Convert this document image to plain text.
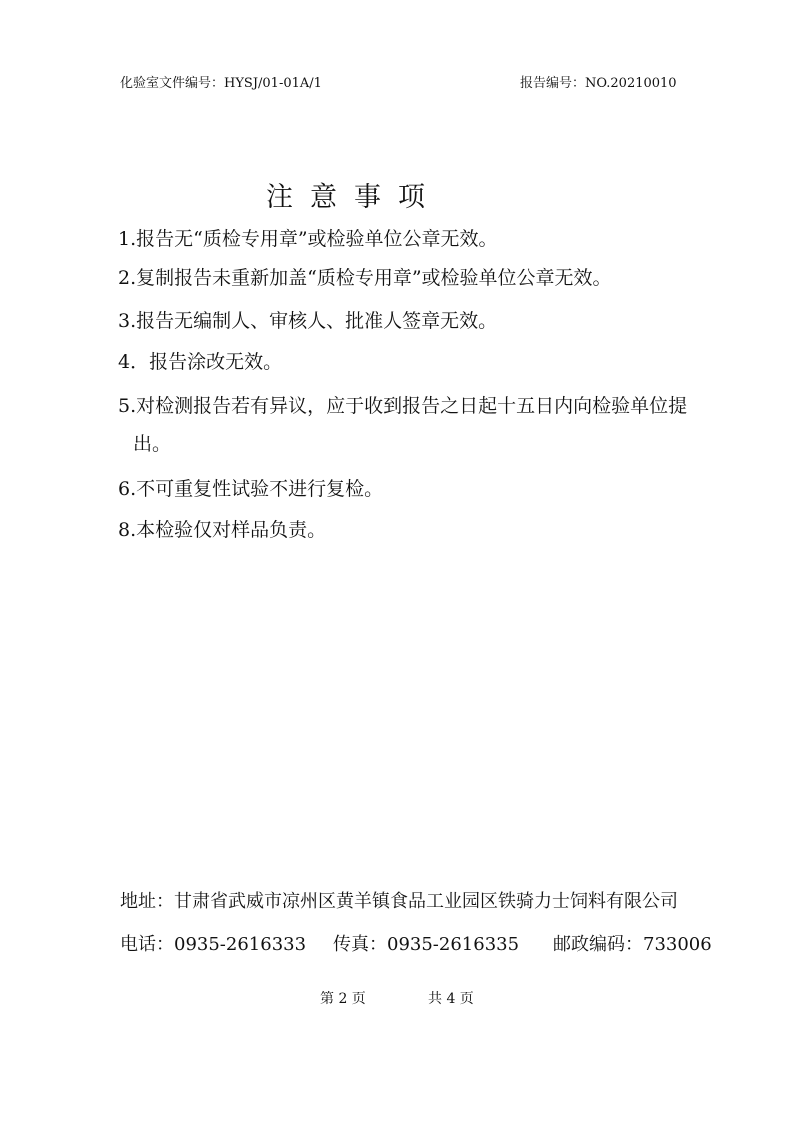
化验室文件编号：HYSJ/01-01A/1	报告编号：NO.20210010
注意事项
1.报告无“质检专用章”或检验单位公章无效。
2.复制报告未重新加盖“质检专用章”或检验单位公章无效。
3.报告无编制人、审核人、批准人签章无效。
4．报告涂改无效。
5.对检测报告若有异议，应于收到报告之日起十五日内向检验单位提
出。
6.不可重复性试验不进行复检。
8.本检验仅对样品负责。
地址：甘肃省武威市凉州区黄羊镇食品工业园区铁骑力士饲料有限公司
电话：0935-2616333 传真：0935-2616335 邮政编码：733006
第 2 页	共 4 页
